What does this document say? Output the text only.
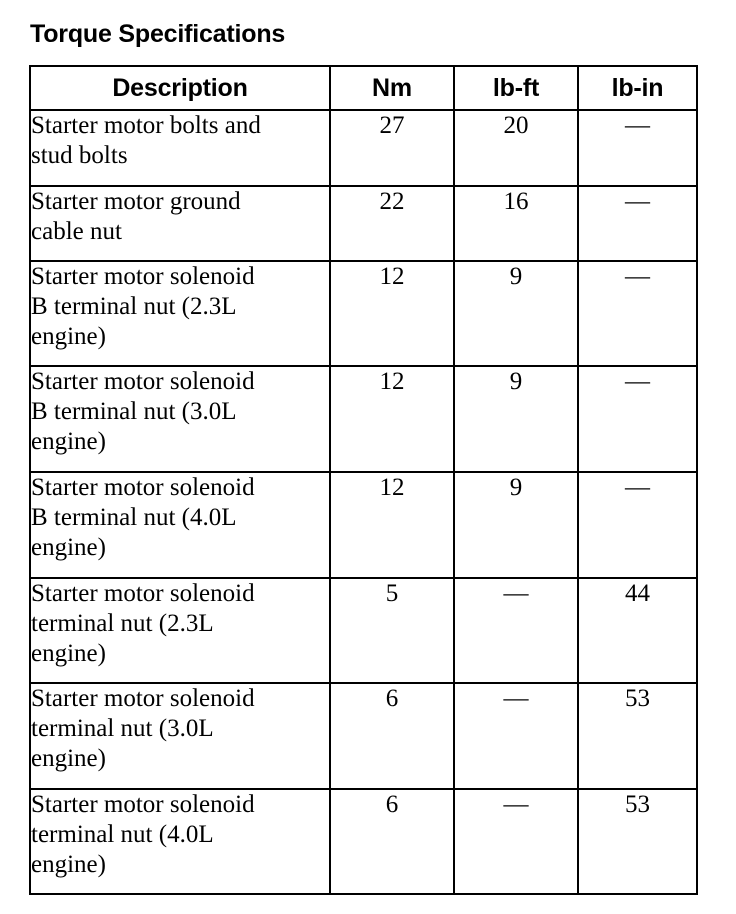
Torque Specifications
Description	Nm	lb-ft	lb-in

Starter motor bolts and
stud bolts	27	20	—

Starter motor ground
cable nut	22	16	—

Starter motor solenoid
B terminal nut (2.3L
engine)	12	9	—

Starter motor solenoid
B terminal nut (3.0L
engine)	12	9	—

Starter motor solenoid
B terminal nut (4.0L
engine)	12	9	—

Starter motor solenoid
terminal nut (2.3L
engine)	5	—	44

Starter motor solenoid
terminal nut (3.0L
engine)	6	—	53

Starter motor solenoid
terminal nut (4.0L
engine)	6	—	53
